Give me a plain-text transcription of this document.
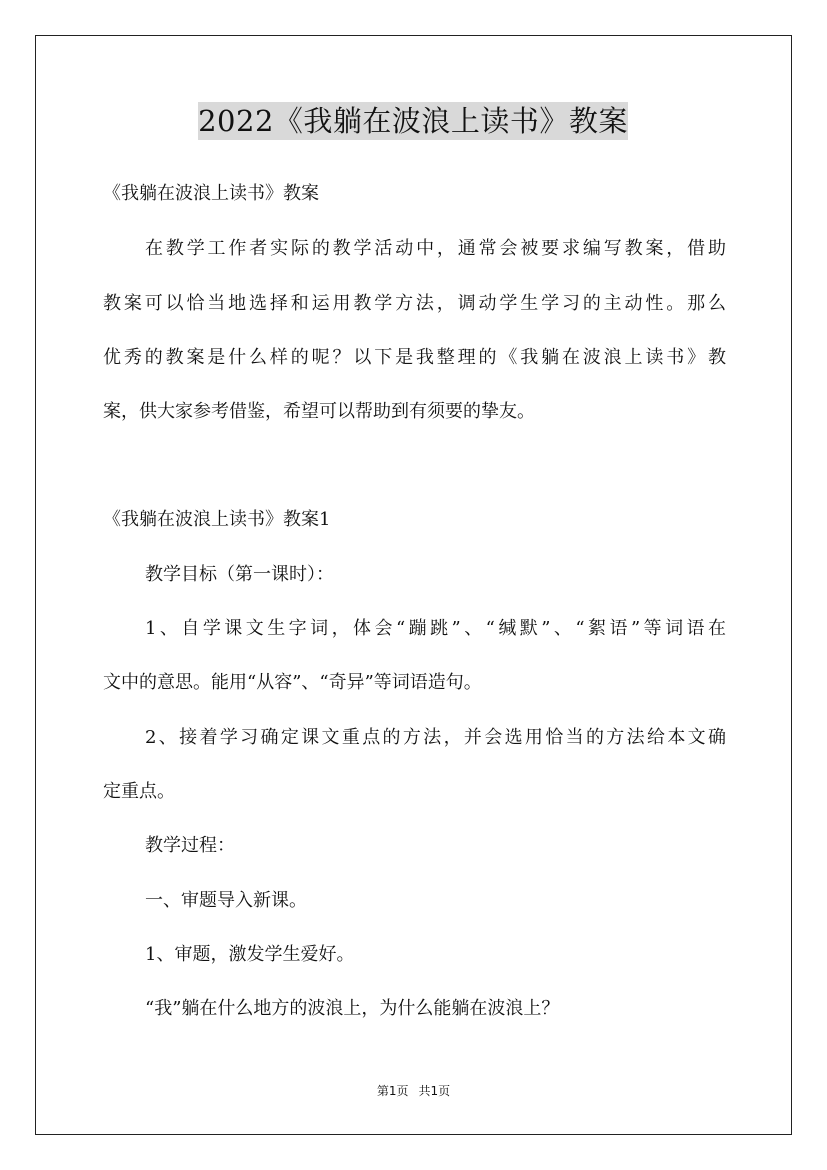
2022《我躺在波浪上读书》教案

《我躺在波浪上读书》教案

在教学工作者实际的教学活动中，通常会被要求编写教案，借助

教案可以恰当地选择和运用教学方法，调动学生学习的主动性。那么

优秀的教案是什么样的呢？以下是我整理的《我躺在波浪上读书》教

案，供大家参考借鉴，希望可以帮助到有须要的挚友。

《我躺在波浪上读书》教案1

教学目标（第一课时）：

1、自学课文生字词，体会“蹦跳”、“缄默”、“絮语”等词语在

文中的意思。能用“从容”、“奇异”等词语造句。

2、接着学习确定课文重点的方法，并会选用恰当的方法给本文确

定重点。

教学过程：

一、审题导入新课。

1、审题，激发学生爱好。

“我”躺在什么地方的波浪上，为什么能躺在波浪上？

第1页 共1页
